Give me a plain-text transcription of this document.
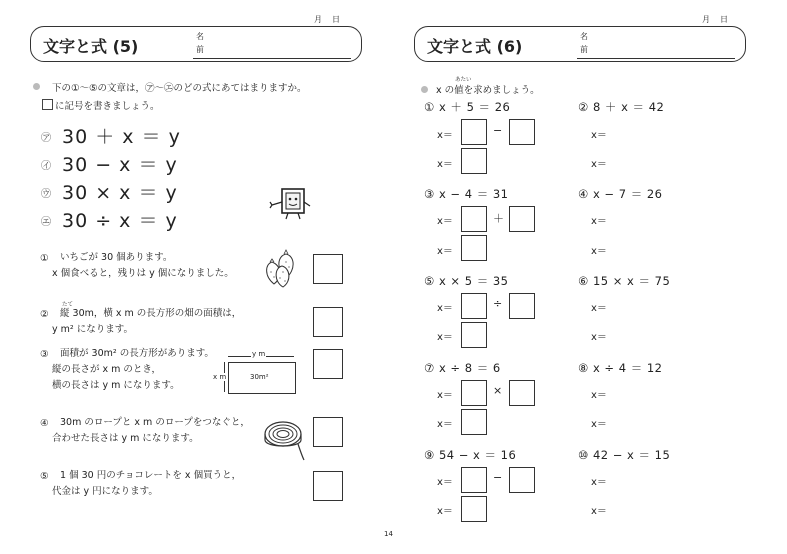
月　日
文字と式 (5)
名
前
下の①〜⑤の文章は，㋐〜㋓のどの式にあてはまりますか。
に記号を書きましょう。
㋐ 30 ＋ x ＝ y
㋑ 30 − x ＝ y
㋒ 30 × x ＝ y
㋓ 30 ÷ x ＝ y
① いちごが 30 個あります。
x 個食べると，残りは y 個になりました。
たて
② 縦 30m，横 x m の長方形の畑の面積は，
y m² になります。
③ 面積が 30m² の長方形があります。
縦の長さが x m のとき，
横の長さは y m になります。
y m
x m	30m²
④ 30m のロープと x m のロープをつなぐと，
合わせた長さは y m になります。
⑤ 1 個 30 円のチョコレートを x 個買うと，
代金は y 円になります。
月　日
文字と式 (6)
名
前
あたい
x の値を求めましょう。
① x ＋ 5 ＝ 26
x＝	−
x＝
② 8 ＋ x ＝ 42
x＝
x＝
③ x − 4 ＝ 31
x＝	＋
x＝
④ x − 7 ＝ 26
x＝
x＝
⑤ x × 5 ＝ 35
x＝	÷
x＝
⑥ 15 × x ＝ 75
x＝
x＝
⑦ x ÷ 8 ＝ 6
x＝	×
x＝
⑧ x ÷ 4 ＝ 12
x＝
x＝
⑨ 54 − x ＝ 16
x＝	−
x＝
⑩ 42 − x ＝ 15
x＝
x＝
14
